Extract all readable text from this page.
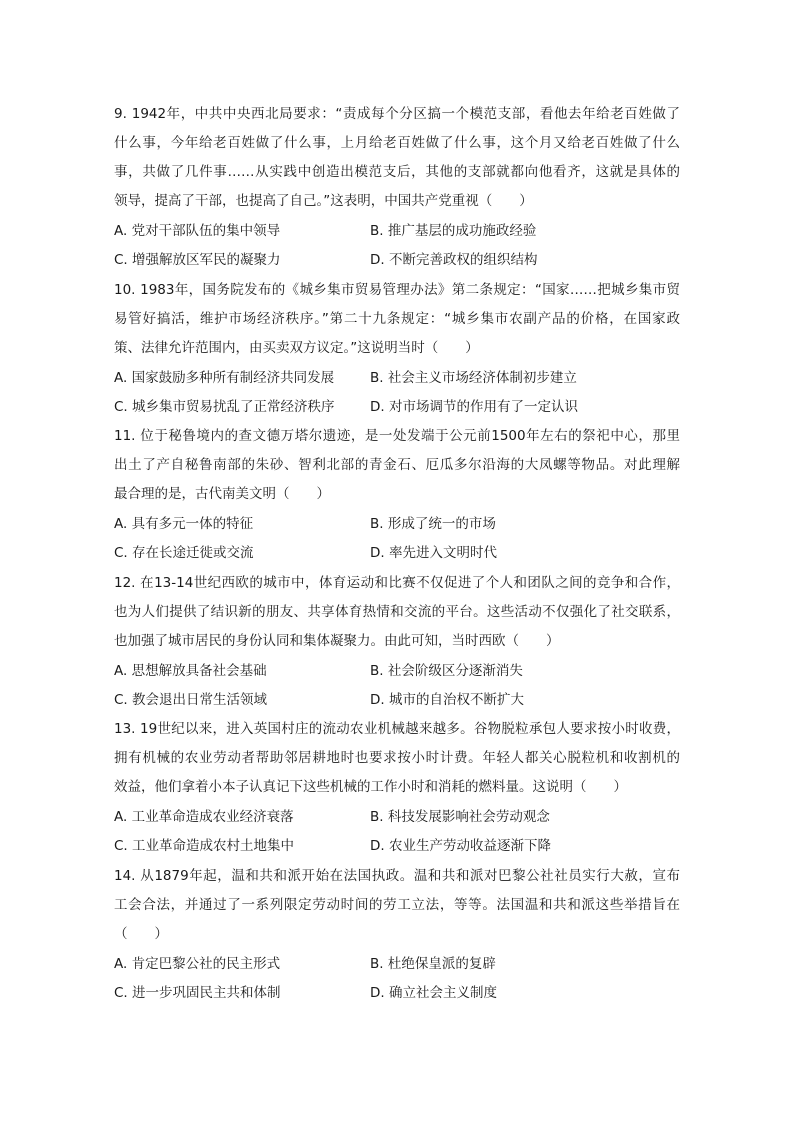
9. 1942年，中共中央西北局要求：“责成每个分区搞一个模范支部，看他去年给老百姓做了
什么事，今年给老百姓做了什么事，上月给老百姓做了什么事，这个月又给老百姓做了什么
事，共做了几件事……从实践中创造出模范支后，其他的支部就都向他看齐，这就是具体的
领导，提高了干部，也提高了自己。”这表明，中国共产党重视（　　）
A. 党对干部队伍的集中领导	B. 推广基层的成功施政经验
C. 增强解放区军民的凝聚力	D. 不断完善政权的组织结构
10. 1983年，国务院发布的《城乡集市贸易管理办法》第二条规定：“国家……把城乡集市贸
易管好搞活，维护市场经济秩序。”第二十九条规定：“城乡集市农副产品的价格，在国家政
策、法律允许范围内，由买卖双方议定。”这说明当时（　　）
A. 国家鼓励多种所有制经济共同发展	B. 社会主义市场经济体制初步建立
C. 城乡集市贸易扰乱了正常经济秩序	D. 对市场调节的作用有了一定认识
11. 位于秘鲁境内的查文德万塔尔遗迹，是一处发端于公元前1500年左右的祭祀中心，那里
出土了产自秘鲁南部的朱砂、智利北部的青金石、厄瓜多尔沿海的大凤螺等物品。对此理解
最合理的是，古代南美文明（　　）
A. 具有多元一体的特征	B. 形成了统一的市场
C. 存在长途迁徙或交流	D. 率先进入文明时代
12. 在13-14世纪西欧的城市中，体育运动和比赛不仅促进了个人和团队之间的竞争和合作，
也为人们提供了结识新的朋友、共享体育热情和交流的平台。这些活动不仅强化了社交联系，
也加强了城市居民的身份认同和集体凝聚力。由此可知，当时西欧（　　）
A. 思想解放具备社会基础	B. 社会阶级区分逐渐消失
C. 教会退出日常生活领域	D. 城市的自治权不断扩大
13. 19世纪以来，进入英国村庄的流动农业机械越来越多。谷物脱粒承包人要求按小时收费，
拥有机械的农业劳动者帮助邻居耕地时也要求按小时计费。年轻人都关心脱粒机和收割机的
效益，他们拿着小本子认真记下这些机械的工作小时和消耗的燃料量。这说明（　　）
A. 工业革命造成农业经济衰落	B. 科技发展影响社会劳动观念
C. 工业革命造成农村土地集中	D. 农业生产劳动收益逐渐下降
14. 从1879年起，温和共和派开始在法国执政。温和共和派对巴黎公社社员实行大赦，宣布
工会合法，并通过了一系列限定劳动时间的劳工立法，等等。法国温和共和派这些举措旨在
（　　）
A. 肯定巴黎公社的民主形式	B. 杜绝保皇派的复辟
C. 进一步巩固民主共和体制	D. 确立社会主义制度
